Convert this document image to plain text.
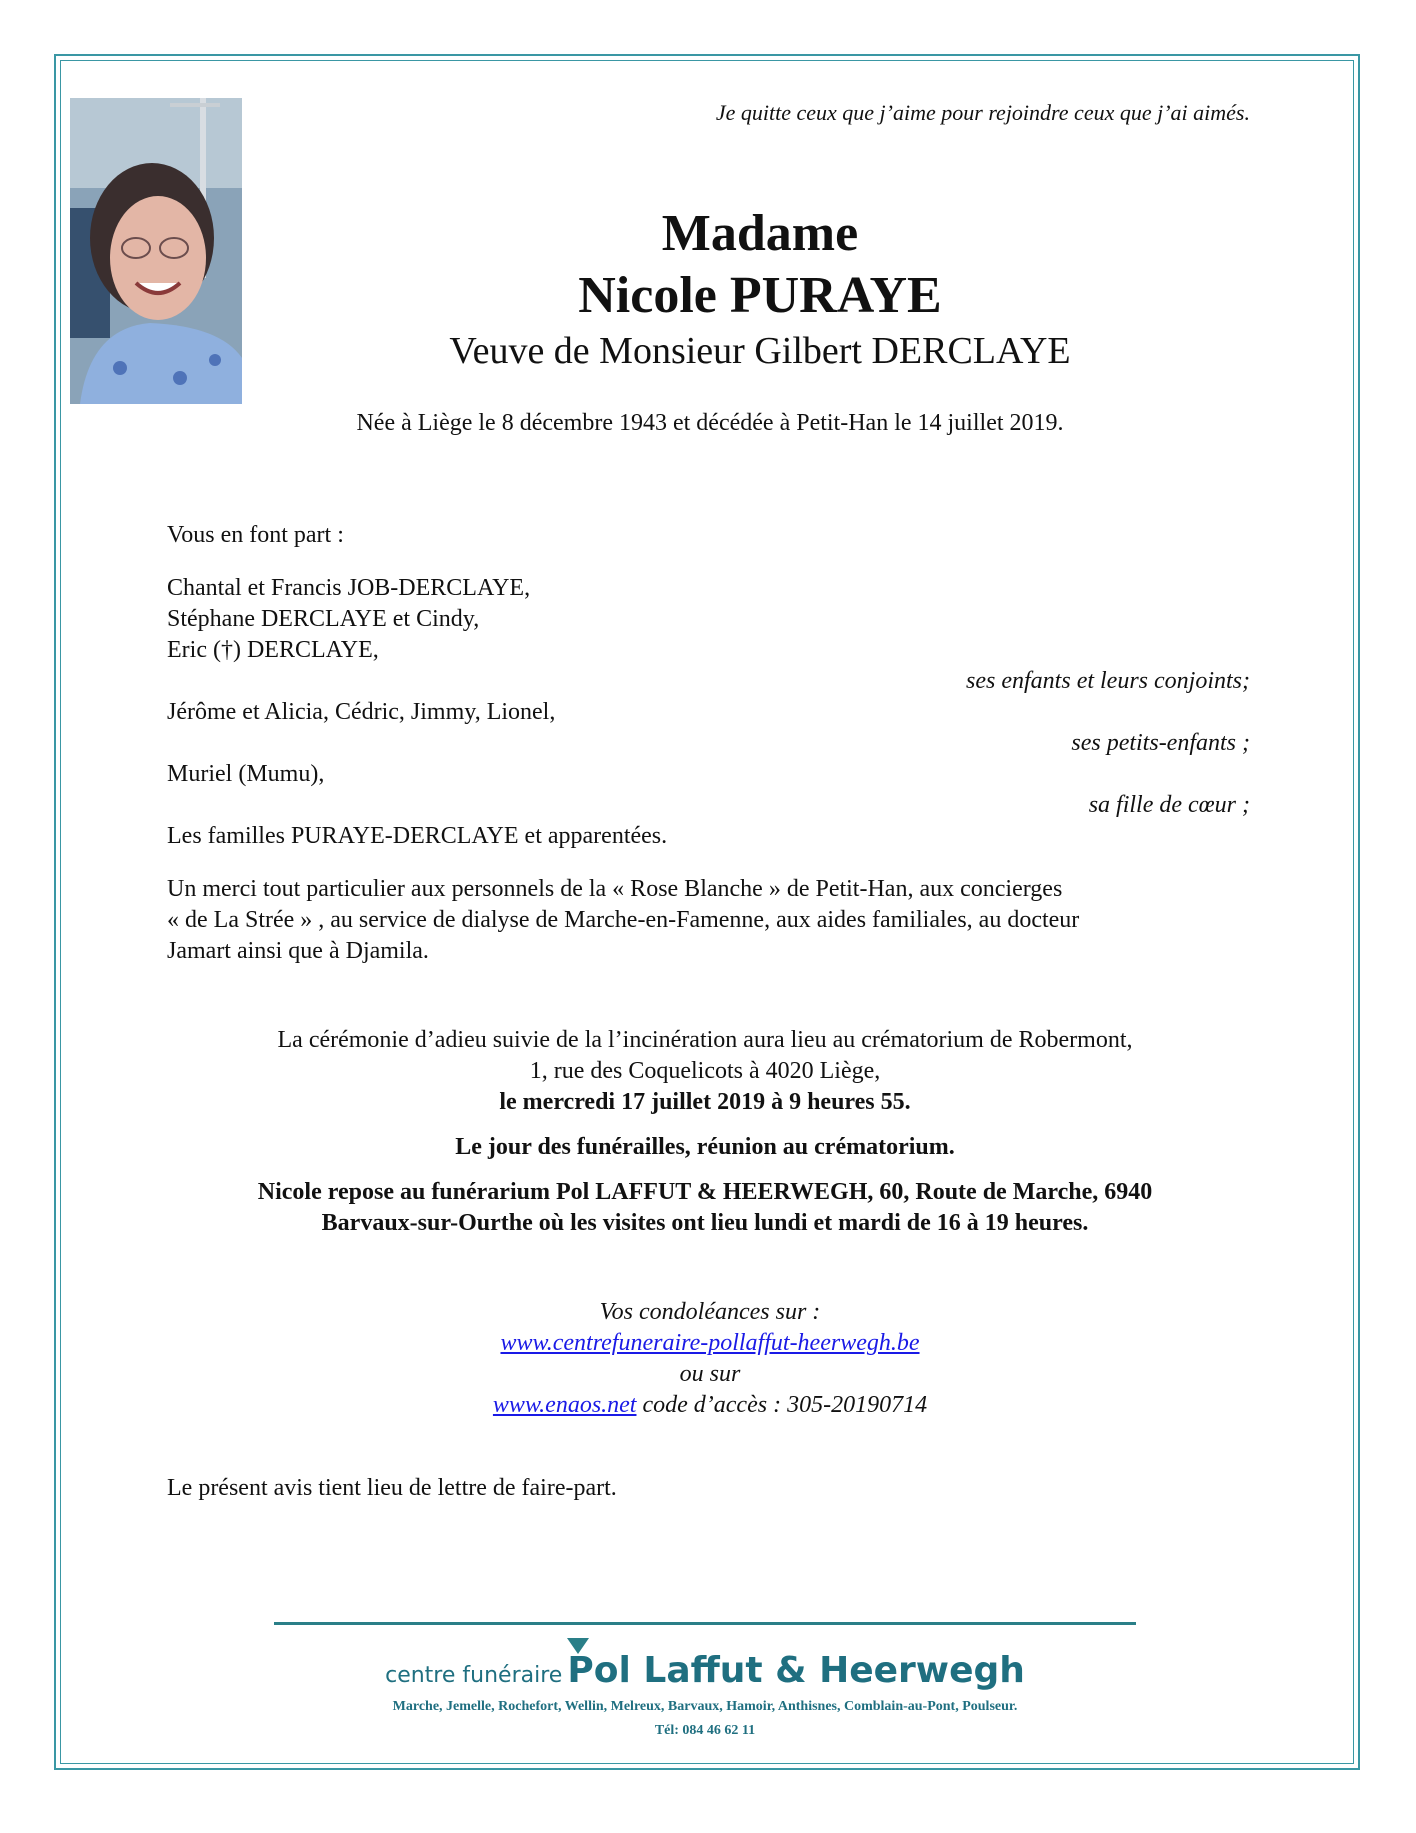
Je quitte ceux que j’aime pour rejoindre ceux que j’ai aimés.
Madame
Nicole PURAYE
Veuve de Monsieur Gilbert DERCLAYE
Née à Liège le 8 décembre 1943 et décédée à Petit-Han le 14 juillet 2019.

Vous en font part :

Chantal et Francis JOB-DERCLAYE,

Stéphane DERCLAYE et Cindy,

Eric (†) DERCLAYE,

ses enfants et leurs conjoints;

Jérôme et Alicia, Cédric, Jimmy, Lionel,

ses petits-enfants ;

Muriel (Mumu),

sa fille de cœur ;

Les familles PURAYE-DERCLAYE et apparentées.

Un merci tout particulier aux personnels de la « Rose Blanche » de Petit-Han, aux concierges

« de La Strée » , au service de dialyse de Marche-en-Famenne, aux aides familiales, au docteur

Jamart ainsi que à Djamila.

La cérémonie d’adieu suivie de la l’incinération aura lieu au crématorium de Robermont,

1, rue des Coquelicots à 4020 Liège,

le mercredi 17 juillet 2019 à 9 heures 55.

Le jour des funérailles, réunion au crématorium.

Nicole repose au funérarium Pol LAFFUT & HEERWEGH, 60, Route de Marche, 6940

Barvaux-sur-Ourthe où les visites ont lieu lundi et mardi de 16 à 19 heures.

Vos condoléances sur :

www.centrefuneraire-pollaffut-heerwegh.be

ou sur

www.enaos.net code d’accès : 305-20190714

Le présent avis tient lieu de lettre de faire-part.
centre funéraire Pol Laffut & Heerwegh
Marche, Jemelle, Rochefort, Wellin, Melreux, Barvaux, Hamoir, Anthisnes, Comblain-au-Pont, Poulseur.
Tél: 084 46 62 11
